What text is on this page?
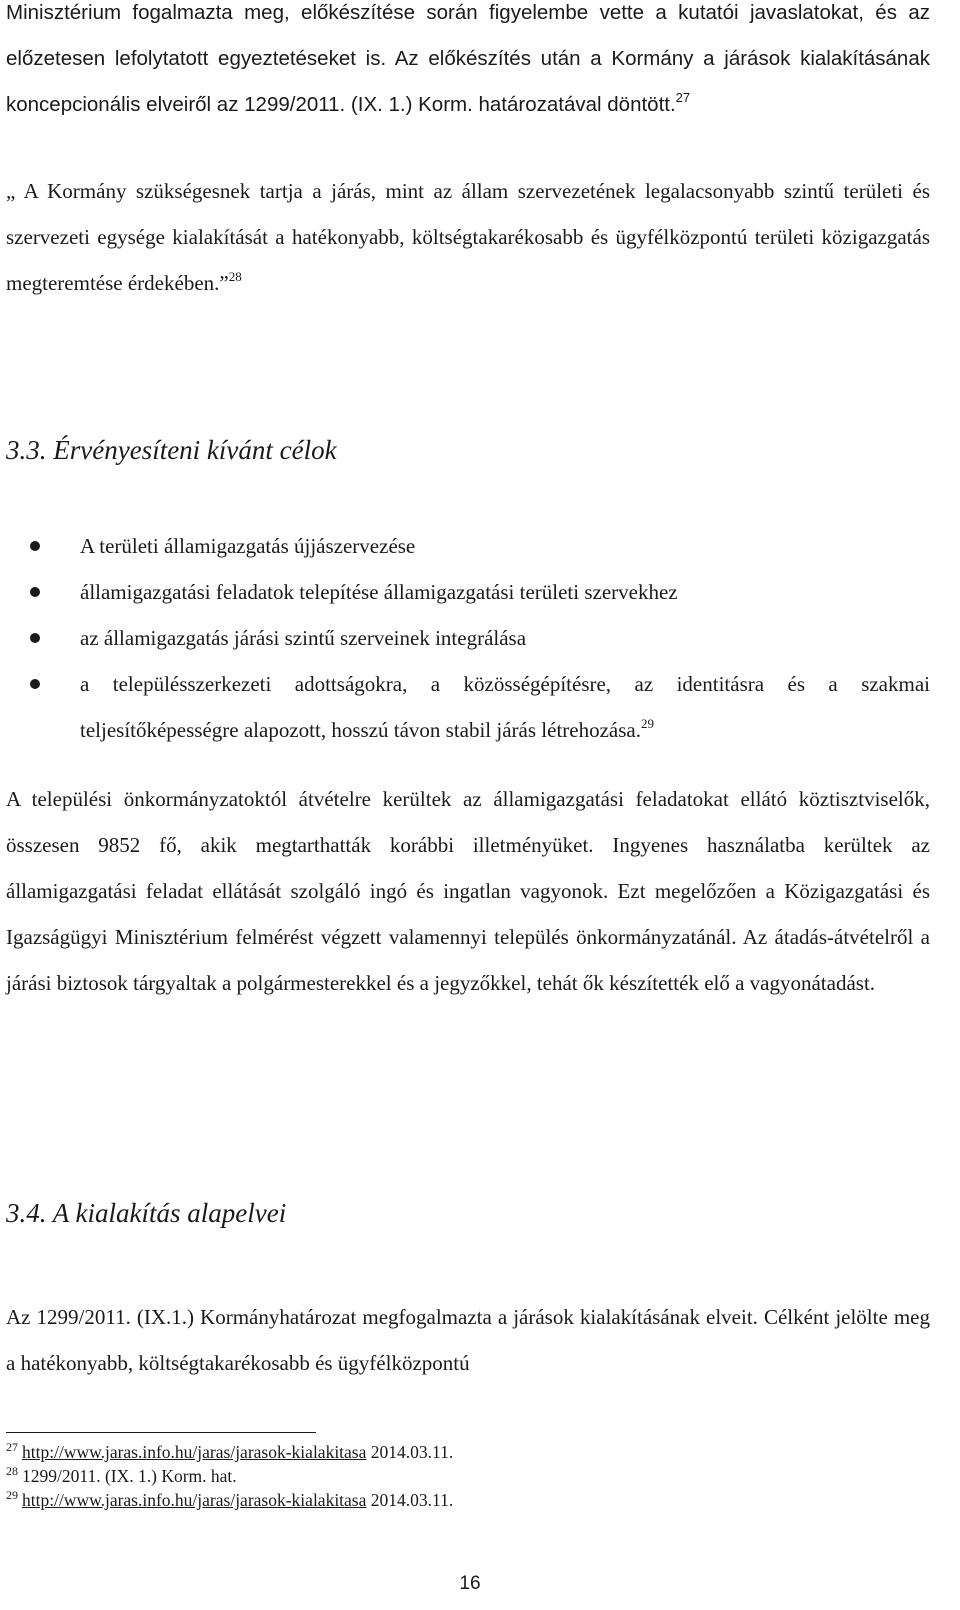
Minisztérium fogalmazta meg, előkészítése során figyelembe vette a kutatói javaslatokat, és az előzetesen lefolytatott egyeztetéseket is. Az előkészítés után a Kormány a járások kialakításának koncepcionális elveiről az 1299/2011. (IX. 1.) Korm. határozatával döntött.$^{27}$

„ A Kormány szükségesnek tartja a járás, mint az állam szervezetének legalacsonyabb szintű területi és szervezeti egysége kialakítását a hatékonyabb, költségtakarékosabb és ügyfélközpontú területi közigazgatás megteremtése érdekében.”$^{28}$

3.3. Érvényesíteni kívánt célok
A területi államigazgatás újjászervezése
államigazgatási feladatok telepítése államigazgatási területi szervekhez
az államigazgatás járási szintű szerveinek integrálása
a településszerkezeti adottságokra, a közösségépítésre, az identitásra és a szakmai teljesítőképességre alapozott, hosszú távon stabil járás létrehozása.$^{29}$

A települési önkormányzatoktól átvételre kerültek az államigazgatási feladatokat ellátó köztisztviselők, összesen 9852 fő, akik megtarthatták korábbi illetményüket. Ingyenes használatba kerültek az államigazgatási feladat ellátását szolgáló ingó és ingatlan vagyonok. Ezt megelőzően a Közigazgatási és Igazságügyi Minisztérium felmérést végzett valamennyi település önkormányzatánál. Az átadás-átvételről a járási biztosok tárgyaltak a polgármesterekkel és a jegyzőkkel, tehát ők készítették elő a vagyonátadást.

3.4. A kialakítás alapelvei

Az 1299/2011. (IX.1.) Kormányhatározat megfogalmazta a járások kialakításának elveit. Célként jelölte meg a hatékonyabb, költségtakarékosabb és ügyfélközpontú

$^{27}$ http://www.jaras.info.hu/jaras/jarasok-kialakitasa 2014.03.11.
$^{28}$ 1299/2011. (IX. 1.) Korm. hat.
$^{29}$ http://www.jaras.info.hu/jaras/jarasok-kialakitasa 2014.03.11.
16
